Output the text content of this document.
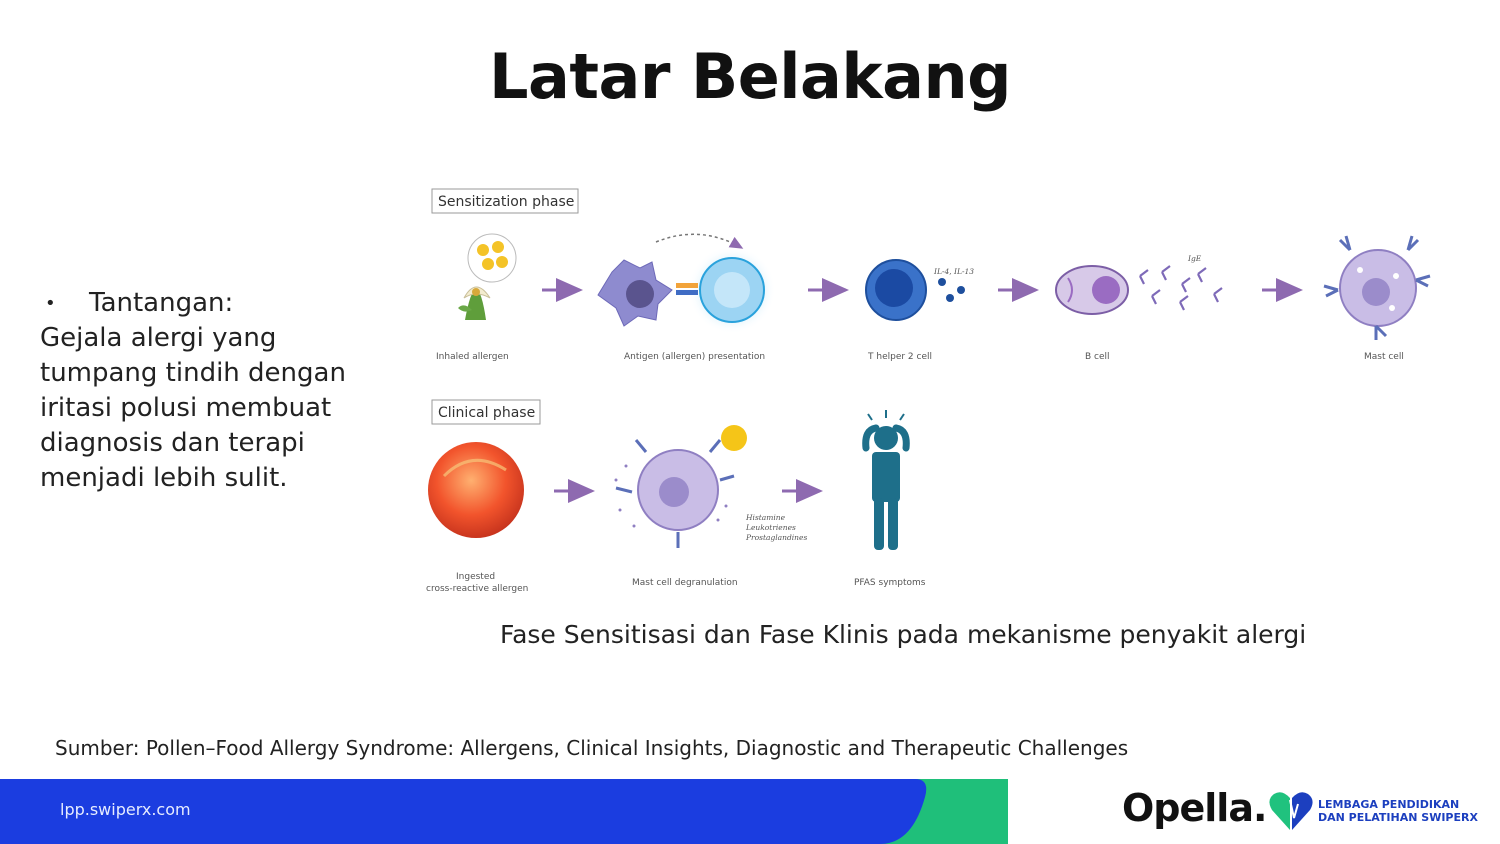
Latar Belakang
•	Tantangan:
Gejala alergi yang
tumpang tindih dengan
iritasi polusi membuat
diagnosis dan terapi
menjadi lebih sulit.
Sensitization phase
Inhaled allergen	Antigen (allergen) presentation
IL-4, IL-13
T helper 2 cell
IgE
B cell	Mast cell
Clinical phase
Ingested
cross-reactive allergen
Histamine
Leukotrienes
Prostaglandines
Mast cell degranulation	PFAS symptoms
Fase Sensitisasi dan Fase Klinis pada mekanisme penyakit alergi
Sumber: Pollen–Food Allergy Syndrome: Allergens, Clinical Insights, Diagnostic and Therapeutic Challenges
lpp.swiperx.com	Opella.	LEMBAGA PENDIDIKAN
DAN PELATIHAN SWIPERX
